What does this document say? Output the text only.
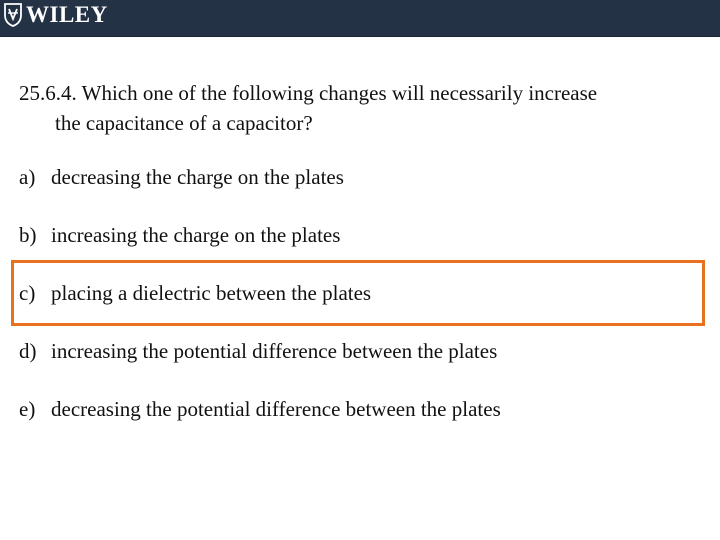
WILEY
25.6.4. Which one of the following changes will necessarily increase
the capacitance of a capacitor?
a) decreasing the charge on the plates
b) increasing the charge on the plates
c) placing a dielectric between the plates
d) increasing the potential difference between the plates
e) decreasing the potential difference between the plates
